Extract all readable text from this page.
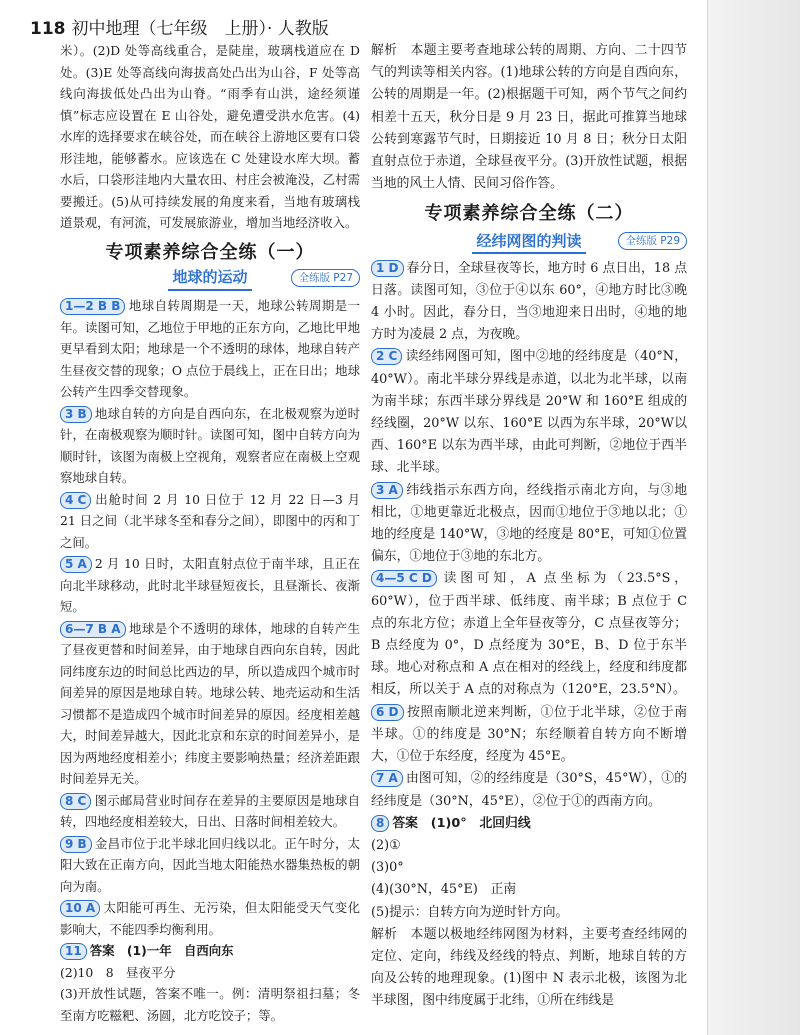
118 初中地理（七年级　上册）· 人教版

米）。(2)D 处等高线重合，是陡崖，玻璃栈道应在 D 处。(3)E 处等高线向海拔高处凸出为山谷，F 处等高线向海拔低处凸出为山脊。“雨季有山洪，途经须谨慎”标志应设置在 E 山谷处，避免遭受洪水危害。(4)水库的选择要求在峡谷处，而在峡谷上游地区要有口袋形洼地，能够蓄水。应该选在 C 处建设水库大坝。蓄水后，口袋形洼地内大量农田、村庄会被淹没，乙村需要搬迁。(5)从可持续发展的角度来看，当地有玻璃栈道景观，有河流，可发展旅游业，增加当地经济收入。

专项素养综合全练（一）
地球的运动	全练版 P27

1—2 B B 地球自转周期是一天，地球公转周期是一年。读图可知，乙地位于甲地的正东方向，乙地比甲地更早看到太阳；地球是一个不透明的球体，地球自转产生昼夜交替的现象；O 点位于晨线上，正在日出；地球公转产生四季交替现象。

3 B 地球自转的方向是自西向东，在北极观察为逆时针，在南极观察为顺时针。读图可知，图中自转方向为顺时针，该图为南极上空视角，观察者应在南极上空观察地球自转。

4 C 出舱时间 2 月 10 日位于 12 月 22 日—3 月 21 日之间（北半球冬至和春分之间），即图中的丙和丁之间。

5 A 2 月 10 日时，太阳直射点位于南半球，且正在向北半球移动，此时北半球昼短夜长，且昼渐长、夜渐短。

6—7 B A 地球是个不透明的球体，地球的自转产生了昼夜更替和时间差异，由于地球自西向东自转，因此同纬度东边的时间总比西边的早，所以造成四个城市时间差异的原因是地球自转。地球公转、地壳运动和生活习惯都不是造成四个城市时间差异的原因。经度相差越大，时间差异越大，因此北京和东京的时间差异小，是因为两地经度相差小；纬度主要影响热量；经济差距跟时间差异无关。

8 C 图示邮局营业时间存在差异的主要原因是地球自转，四地经度相差较大，日出、日落时间相差较大。

9 B 金昌市位于北半球北回归线以北。正午时分，太阳大致在正南方向，因此当地太阳能热水器集热板的朝向为南。

10 A 太阳能可再生、无污染，但太阳能受天气变化影响大，不能四季均衡利用。

11 答案　(1)一年　自西向东

(2)10　8　昼夜平分

(3)开放性试题，答案不唯一。例：清明祭祖扫墓；冬至南方吃糍粑、汤圆，北方吃饺子；等。

解析　本题主要考查地球公转的周期、方向、二十四节气的判读等相关内容。(1)地球公转的方向是自西向东，公转的周期是一年。(2)根据题干可知，两个节气之间约相差十五天，秋分日是 9 月 23 日，据此可推算当地球公转到寒露节气时，日期接近 10 月 8 日；秋分日太阳直射点位于赤道，全球昼夜平分。(3)开放性试题，根据当地的风土人情、民间习俗作答。

专项素养综合全练（二）
经纬网图的判读	全练版 P29

1 D 春分日，全球昼夜等长，地方时 6 点日出，18 点日落。读图可知，③位于④以东 60°，④地方时比③晚 4 小时。因此，春分日，当③地迎来日出时，④地的地方时为凌晨 2 点，为夜晚。

2 C 读经纬网图可知，图中②地的经纬度是（40°N，40°W）。南北半球分界线是赤道，以北为北半球，以南为南半球；东西半球分界线是 20°W 和 160°E 组成的经线圈，20°W 以东、160°E 以西为东半球，20°W以西、160°E 以东为西半球，由此可判断，②地位于西半球、北半球。

3 A 纬线指示东西方向，经线指示南北方向，与③地相比，①地更靠近北极点，因而①地位于③地以北；①地的经度是 140°W，③地的经度是 80°E，可知①位置偏东，①地位于③地的东北方。

4—5 C D 读图可知，A 点坐标为（23.5°S，60°W），位于西半球、低纬度、南半球；B 点位于 C 点的东北方位；赤道上全年昼夜等分，C 点昼夜等分；B 点经度为 0°，D 点经度为 30°E，B、D 位于东半球。地心对称点和 A 点在相对的经线上，经度和纬度都相反，所以关于 A 点的对称点为（120°E，23.5°N）。

6 D 按照南顺北逆来判断，①位于北半球，②位于南半球。①的纬度是 30°N；东经顺着自转方向不断增大，①位于东经度，经度为 45°E。

7 A 由图可知，②的经纬度是（30°S，45°W），①的经纬度是（30°N，45°E），②位于①的西南方向。

8 答案　(1)0°　北回归线

(2)①

(3)0°

(4)(30°N，45°E)　正南

(5)提示：自转方向为逆时针方向。

解析　本题以极地经纬网图为材料，主要考查经纬网的定位、定向，纬线及经线的特点、判断，地球自转的方向及公转的地理现象。(1)图中 N 表示北极，该图为北半球图，图中纬度属于北纬，①所在纬线是
